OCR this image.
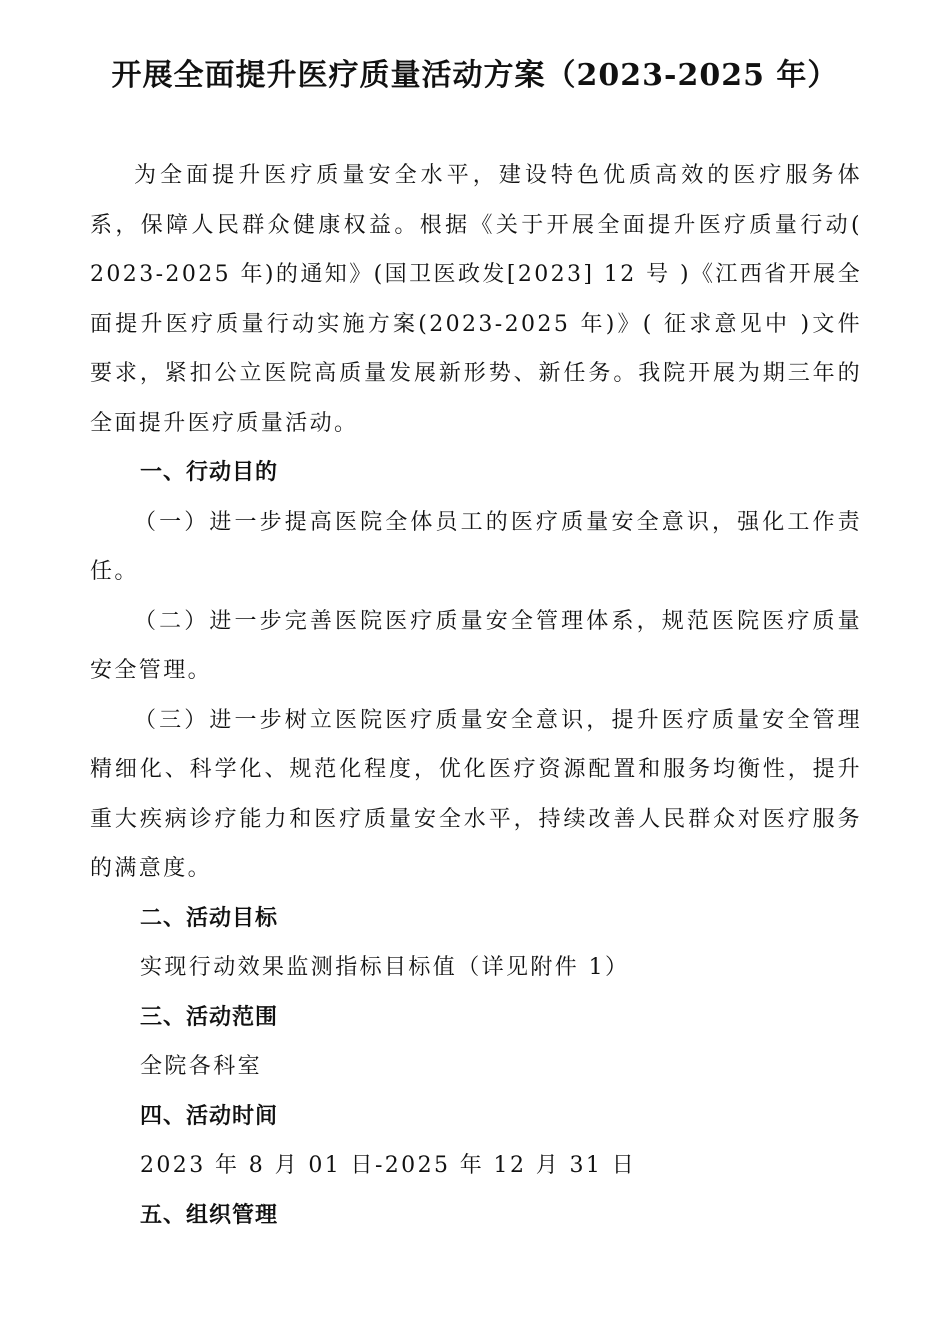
开展全面提升医疗质量活动方案（2023-2025 年）

为全面提升医疗质量安全水平，建设特色优质高效的医疗服务体系，保障人民群众健康权益。根据《关于开展全面提升医疗质量行动( 2023-2025 年)的通知》(国卫医政发[2023] 12 号 )《江西省开展全面提升医疗质量行动实施方案(2023-2025 年)》( 征求意见中 )文件要求，紧扣公立医院高质量发展新形势、新任务。我院开展为期三年的全面提升医疗质量活动。

一、行动目的

（一）进一步提高医院全体员工的医疗质量安全意识，强化工作责任。

（二）进一步完善医院医疗质量安全管理体系，规范医院医疗质量安全管理。

（三）进一步树立医院医疗质量安全意识，提升医疗质量安全管理精细化、科学化、规范化程度，优化医疗资源配置和服务均衡性，提升重大疾病诊疗能力和医疗质量安全水平，持续改善人民群众对医疗服务的满意度。

二、活动目标
实现行动效果监测指标目标值（详见附件 1）
三、活动范围
全院各科室
四、活动时间
2023 年 8 月 01 日-2025 年 12 月 31 日
五、组织管理
